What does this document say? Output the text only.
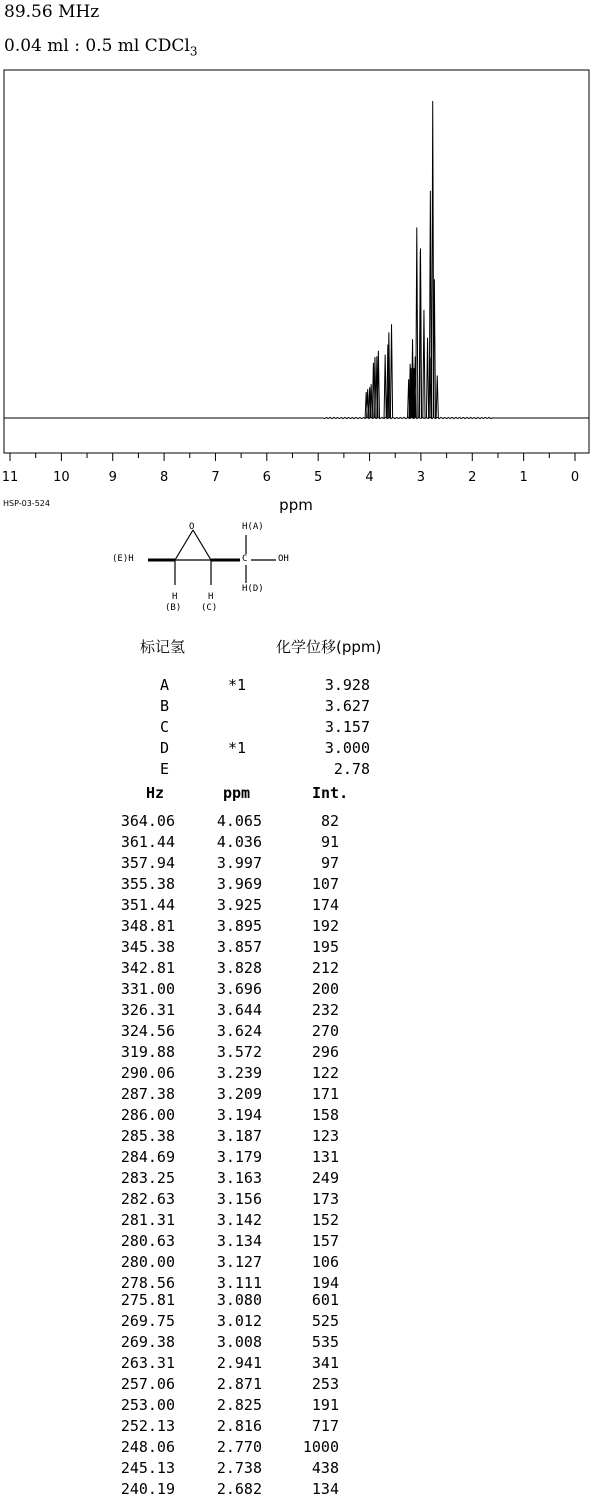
89.56 MHz
0.04 ml : 0.5 ml CDCl$_3$
11	10	9	8	7	6	5	4	3	2	1	0
ppm
HSP-03-524
O	H(A)
(E)H	C	OH
H
(B)
H
(C)
H(D)
标记氢	化学位移(ppm)
A	*1	3.928
B	3.627
C	3.157
D	*1	3.000
E	2.78
Hz	ppm	Int.
364.06	4.065	82
361.44	4.036	91
357.94	3.997	97
355.38	3.969	107
351.44	3.925	174
348.81	3.895	192
345.38	3.857	195
342.81	3.828	212
331.00	3.696	200
326.31	3.644	232
324.56	3.624	270
319.88	3.572	296
290.06	3.239	122
287.38	3.209	171
286.00	3.194	158
285.38	3.187	123
284.69	3.179	131
283.25	3.163	249
282.63	3.156	173
281.31	3.142	152
280.63	3.134	157
280.00	3.127	106
278.56	3.111	194
275.81	3.080	601
269.75	3.012	525
269.38	3.008	535
263.31	2.941	341
257.06	2.871	253
253.00	2.825	191
252.13	2.816	717
248.06	2.770	1000
245.13	2.738	438
240.19	2.682	134
